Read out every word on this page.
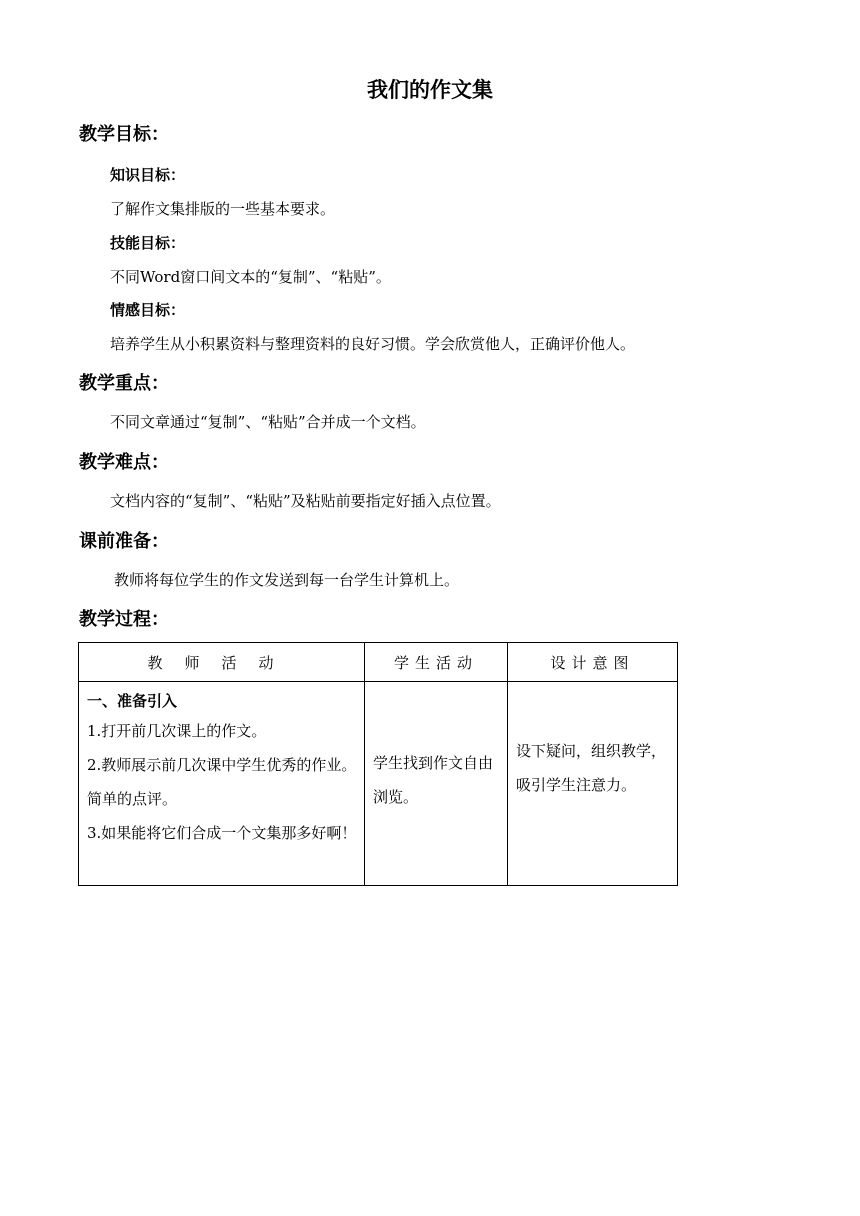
我们的作文集
教学目标：
知识目标：
了解作文集排版的一些基本要求。
技能目标：
不同Word窗口间文本的“复制”、“粘贴”。
情感目标：
培养学生从小积累资料与整理资料的良好习惯。学会欣赏他人，正确评价他人。
教学重点：
不同文章通过“复制”、“粘贴”合并成一个文档。
教学难点：
文档内容的“复制”、“粘贴”及粘贴前要指定好插入点位置。
课前准备：
教师将每位学生的作文发送到每一台学生计算机上。
教学过程：
教师活动	学生活动	设计意图

一、准备引入
1.打开前几次课上的作文。
2.教师展示前几次课中学生优秀的作业。简单的点评。
3.如果能将它们合成一个文集那多好啊！	学生找到作文自由浏览。	设下疑问，组织教学，吸引学生注意力。
